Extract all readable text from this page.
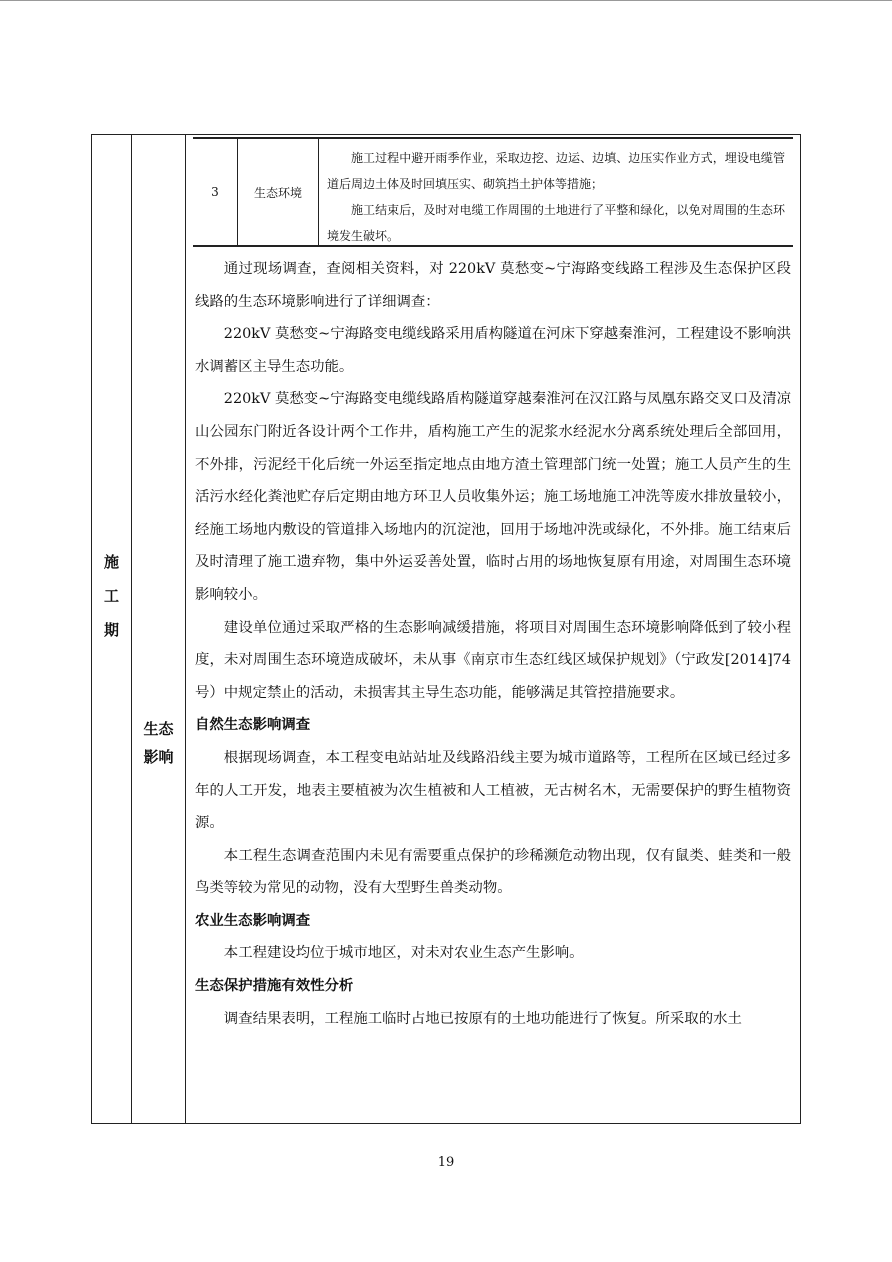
施
工
期
生态
影响
3	生态环境

施工过程中避开雨季作业，采取边挖、边运、边填、边压实作业方式，埋设电缆管道后周边土体及时回填压实、砌筑挡土护体等措施；

施工结束后，及时对电缆工作周围的土地进行了平整和绿化，以免对周围的生态环境发生破坏。

通过现场调查，查阅相关资料，对 220kV 莫愁变~宁海路变线路工程涉及生态保护区段线路的生态环境影响进行了详细调查：

220kV 莫愁变~宁海路变电缆线路采用盾构隧道在河床下穿越秦淮河，工程建设不影响洪水调蓄区主导生态功能。

220kV 莫愁变~宁海路变电缆线路盾构隧道穿越秦淮河在汉江路与凤凰东路交叉口及清凉山公园东门附近各设计两个工作井，盾构施工产生的泥浆水经泥水分离系统处理后全部回用，不外排，污泥经干化后统一外运至指定地点由地方渣土管理部门统一处置；施工人员产生的生活污水经化粪池贮存后定期由地方环卫人员收集外运；施工场地施工冲洗等废水排放量较小，经施工场地内敷设的管道排入场地内的沉淀池，回用于场地冲洗或绿化，不外排。施工结束后及时清理了施工遗弃物，集中外运妥善处置，临时占用的场地恢复原有用途，对周围生态环境影响较小。

建设单位通过采取严格的生态影响减缓措施，将项目对周围生态环境影响降低到了较小程度，未对周围生态环境造成破坏，未从事《南京市生态红线区域保护规划》（宁政发[2014]74 号）中规定禁止的活动，未损害其主导生态功能，能够满足其管控措施要求。

自然生态影响调查

根据现场调查，本工程变电站站址及线路沿线主要为城市道路等，工程所在区域已经过多年的人工开发，地表主要植被为次生植被和人工植被，无古树名木，无需要保护的野生植物资源。

本工程生态调查范围内未见有需要重点保护的珍稀濒危动物出现，仅有鼠类、蛙类和一般鸟类等较为常见的动物，没有大型野生兽类动物。

农业生态影响调查

本工程建设均位于城市地区，对未对农业生态产生影响。

生态保护措施有效性分析

调查结果表明，工程施工临时占地已按原有的土地功能进行了恢复。所采取的水土

19
